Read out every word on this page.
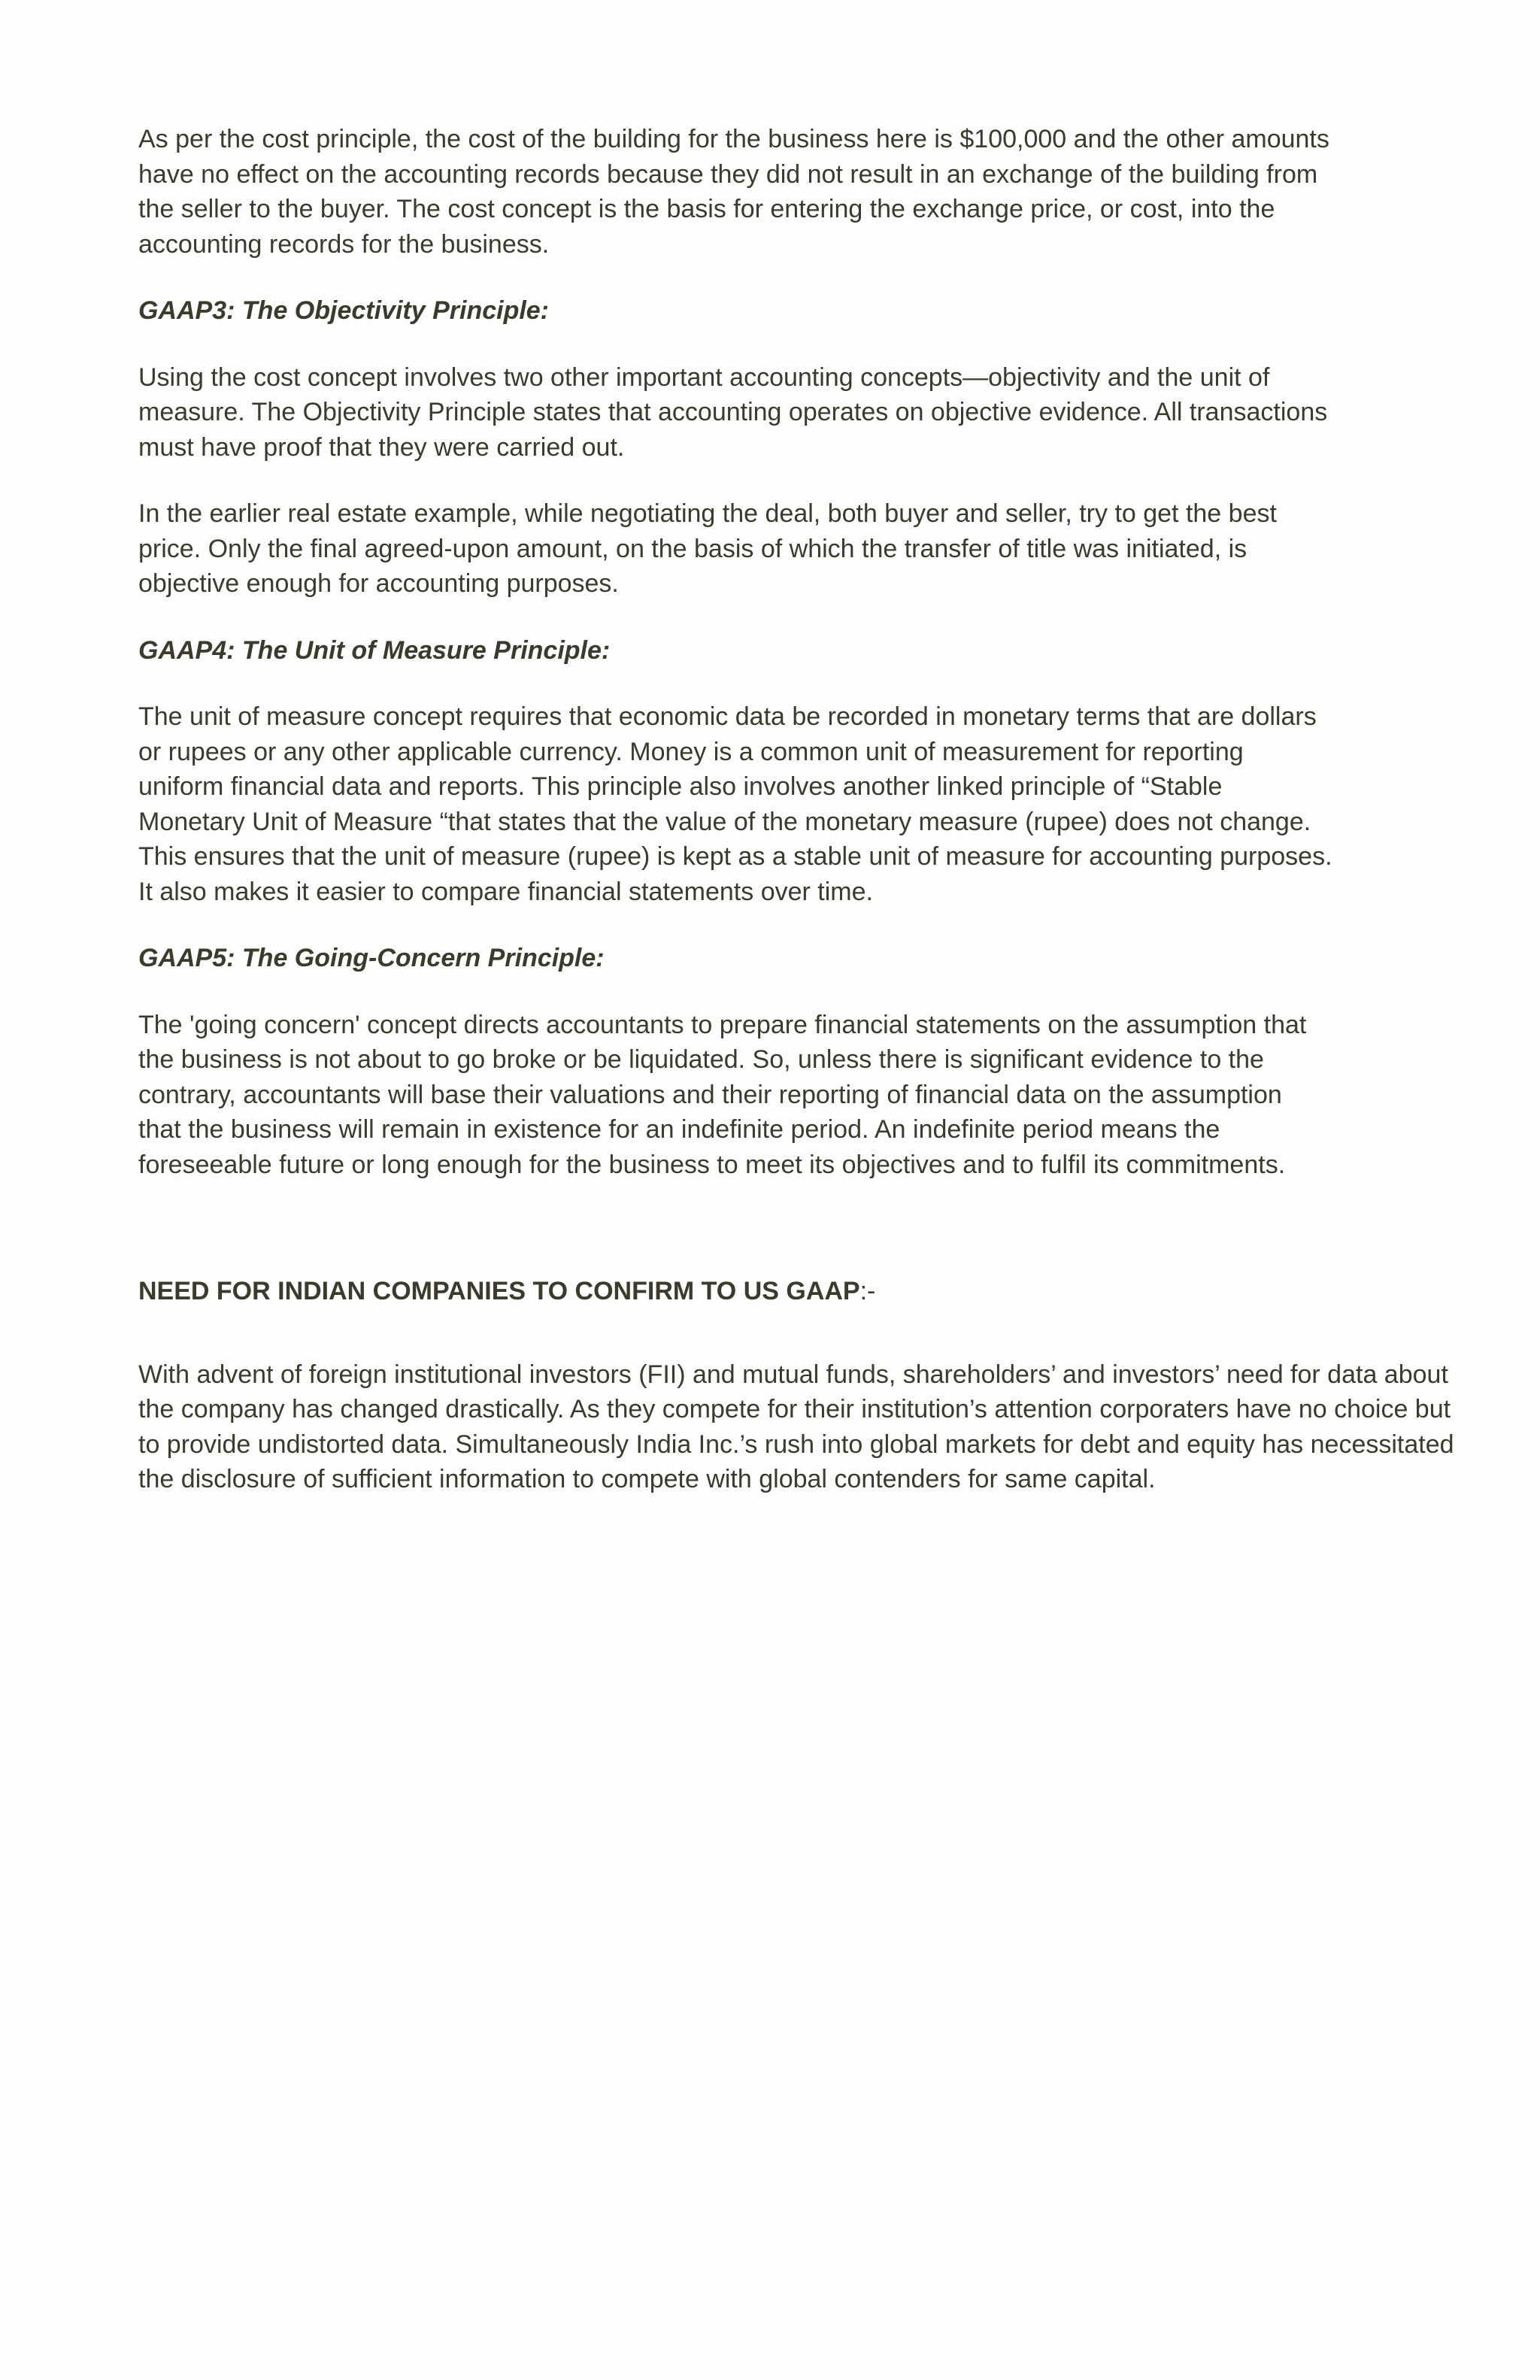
As per the cost principle, the cost of the building for the business here is $100,000 and the other amounts
have no effect on the accounting records because they did not result in an exchange of the building from
the seller to the buyer. The cost concept is the basis for entering the exchange price, or cost, into the
accounting records for the business.

GAAP3: The Objectivity Principle:

Using the cost concept involves two other important accounting concepts—objectivity and the unit of
measure. The Objectivity Principle states that accounting operates on objective evidence. All transactions
must have proof that they were carried out.

In the earlier real estate example, while negotiating the deal, both buyer and seller, try to get the best
price. Only the final agreed-upon amount, on the basis of which the transfer of title was initiated, is
objective enough for accounting purposes.

GAAP4: The Unit of Measure Principle:

The unit of measure concept requires that economic data be recorded in monetary terms that are dollars
or rupees or any other applicable currency. Money is a common unit of measurement for reporting
uniform financial data and reports. This principle also involves another linked principle of “Stable
Monetary Unit of Measure “that states that the value of the monetary measure (rupee) does not change.
This ensures that the unit of measure (rupee) is kept as a stable unit of measure for accounting purposes.
It also makes it easier to compare financial statements over time.

GAAP5: The Going-Concern Principle:

The 'going concern' concept directs accountants to prepare financial statements on the assumption that
the business is not about to go broke or be liquidated. So, unless there is significant evidence to the
contrary, accountants will base their valuations and their reporting of financial data on the assumption
that the business will remain in existence for an indefinite period. An indefinite period means the
foreseeable future or long enough for the business to meet its objectives and to fulfil its commitments.

NEED FOR INDIAN COMPANIES TO CONFIRM TO US GAAP:-

With advent of foreign institutional investors (FII) and mutual funds, shareholders’ and investors’ need for data about
the company has changed drastically. As they compete for their institution’s attention corporaters have no choice but
to provide undistorted data. Simultaneously India Inc.’s rush into global markets for debt and equity has necessitated
the disclosure of sufficient information to compete with global contenders for same capital.
